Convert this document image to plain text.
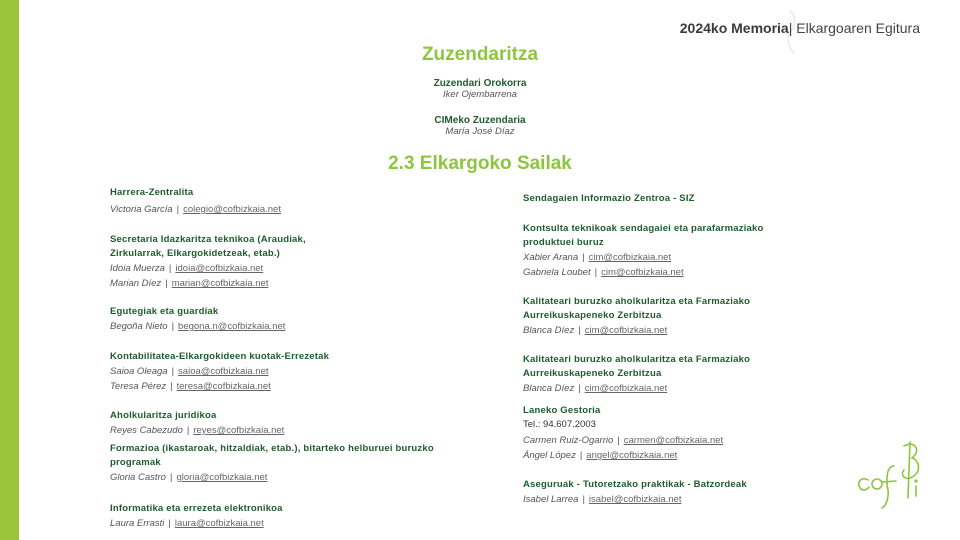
2024ko Memoria| Elkargoaren Egitura
Zuzendaritza
Zuzendari Orokorra
Iker Ojembarrena
CIMeko Zuzendaria
María José Díaz
2.3 Elkargoko Sailak
Harrera-Zentralita
Victoria García | colegio@cofbizkaia.net
Secretaría Idazkaritza teknikoa (Araudiak, Zirkularrak, Elkargokidetzeak, etab.)
Idoia Muerza | idoia@cofbizkaia.net
Marian Díez | marian@cofbizkaia.net
Egutegiak eta guardiak
Begoña Nieto | begona.n@cofbizkaia.net
Kontabilitatea-Elkargokideen kuotak-Errezetak
Saioa Oleaga | saioa@cofbizkaia.net
Teresa Pérez | teresa@cofbizkaia.net
Aholkularitza juridikoa
Reyes Cabezudo | reyes@cofbizkaia.net
Formazioa (ikastaroak, hitzaldiak, etab.), bitarteko helburuei buruzko programak
Gloria Castro | gloria@cofbizkaia.net
Informatika eta errezeta elektronikoa
Laura Errasti | laura@cofbizkaia.net
Sendagaien Informazio Zentroa - SIZ
Kontsulta teknikoak sendagaiei eta parafarmaziako produktuei buruz
Xabier Arana | cim@cofbizkaia.net
Gabriela Loubet | cim@cofbizkaia.net
Kalitateari buruzko aholkularitza eta Farmaziako Aurreikuskapeneko Zerbitzua
Blanca Díez | cim@cofbizkaia.net
Kalitateari buruzko aholkularitza eta Farmaziako Aurreikuskapeneko Zerbitzua
Blanca Díez | cim@cofbizkaia.net
Laneko Gestoria
Tel.: 94.607.2003
Carmen Ruiz-Ogarrio | carmen@cofbizkaia.net
Ángel López | angel@cofbizkaia.net
Aseguruak - Tutoretzako praktikak - Batzordeak
Isabel Larrea | isabel@cofbizkaia.net
